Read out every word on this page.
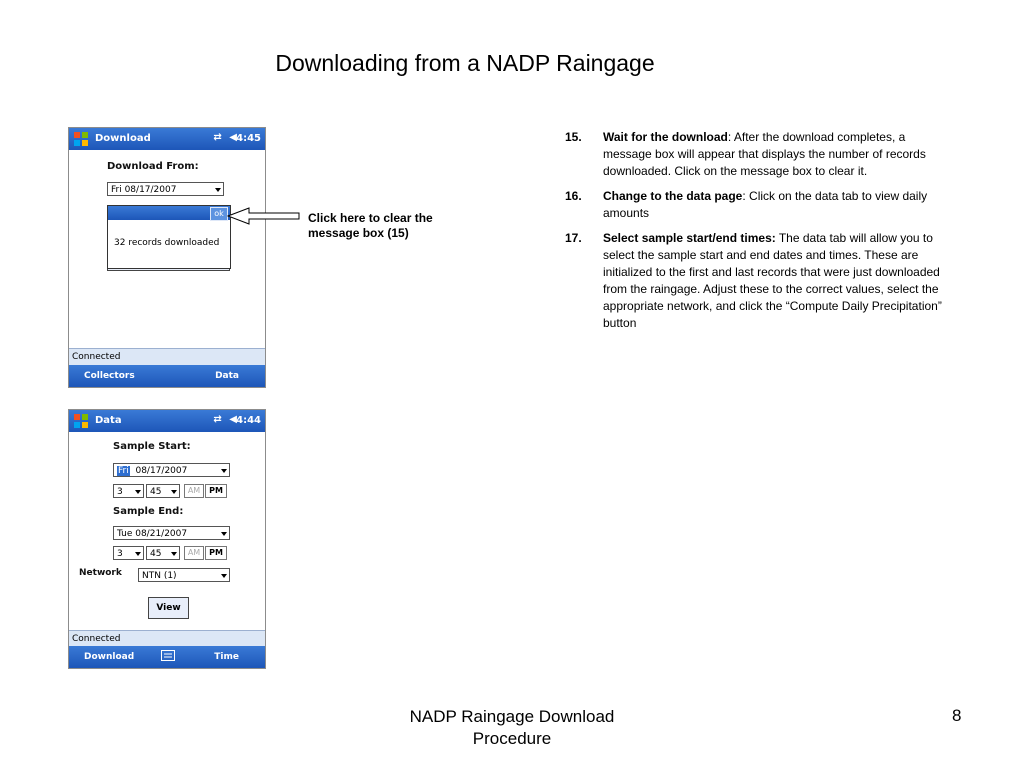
Downloading from a NADP Raingage
Download	⇄ ◀
4:45
Download From:
Fri 08/17/2007
Connected
Collectors	Data
ok
32 records downloaded
Click here to clear the message box (15)
Data	⇄ ◀
4:44
Sample Start:
Fri 08/17/2007
3	45	AM	PM
Sample End:
Tue 08/21/2007
3	45	AM	PM
Network	NTN (1)
View
Connected
Download	Time
15. Wait for the download: After the download completes, a message box will appear that displays the number of records downloaded. Click on the message box to clear it.
16. Change to the data page: Click on the data tab to view daily amounts
17. Select sample start/end times: The data tab will allow you to select the sample start and end dates and times. These are initialized to the first and last records that were just downloaded from the raingage. Adjust these to the correct values, select the appropriate network, and click the “Compute Daily Precipitation” button
NADP Raingage Download
Procedure
8
